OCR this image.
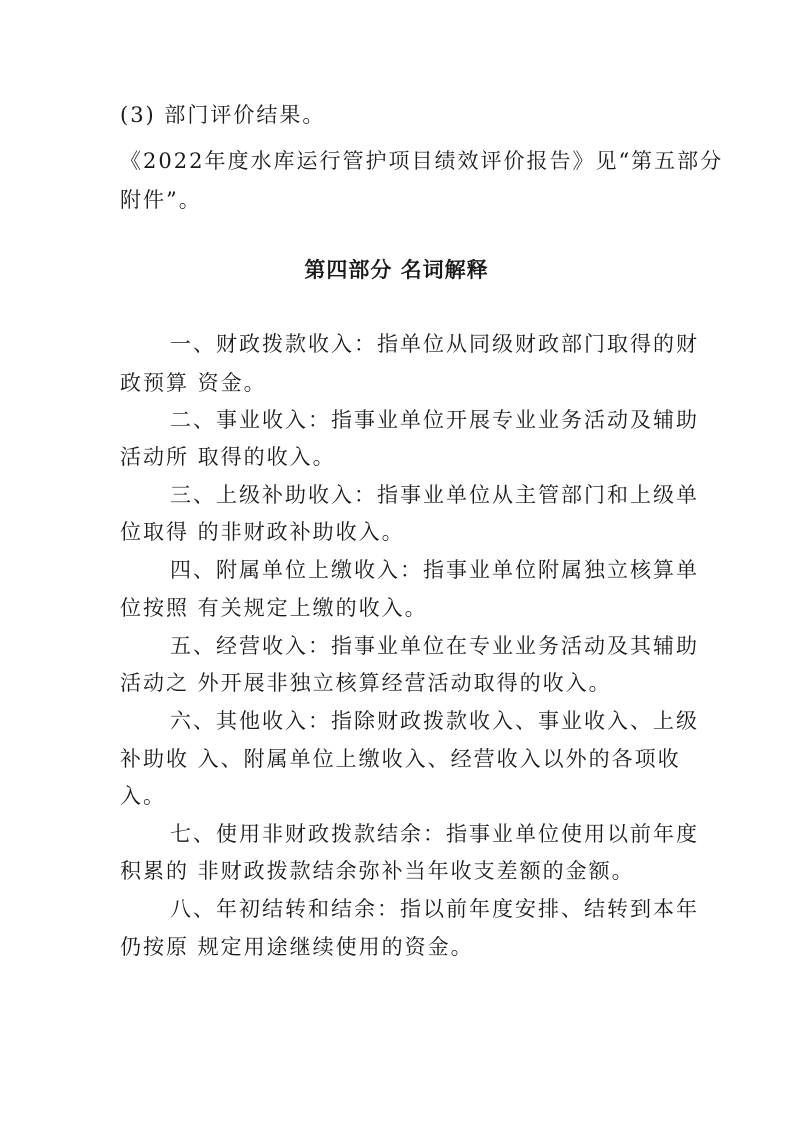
(3) 部门评价结果。
《2022年度水库运行管护项目绩效评价报告》见“第五部分
附件”。
第四部分 名词解释
一、财政拨款收入：指单位从同级财政部门取得的财
政预算 资金。
二、事业收入：指事业单位开展专业业务活动及辅助
活动所 取得的收入。
三、上级补助收入：指事业单位从主管部门和上级单
位取得 的非财政补助收入。
四、附属单位上缴收入：指事业单位附属独立核算单
位按照 有关规定上缴的收入。
五、经营收入：指事业单位在专业业务活动及其辅助
活动之 外开展非独立核算经营活动取得的收入。
六、其他收入：指除财政拨款收入、事业收入、上级
补助收 入、附属单位上缴收入、经营收入以外的各项收
入。
七、使用非财政拨款结余：指事业单位使用以前年度
积累的 非财政拨款结余弥补当年收支差额的金额。
八、年初结转和结余：指以前年度安排、结转到本年
仍按原 规定用途继续使用的资金。
